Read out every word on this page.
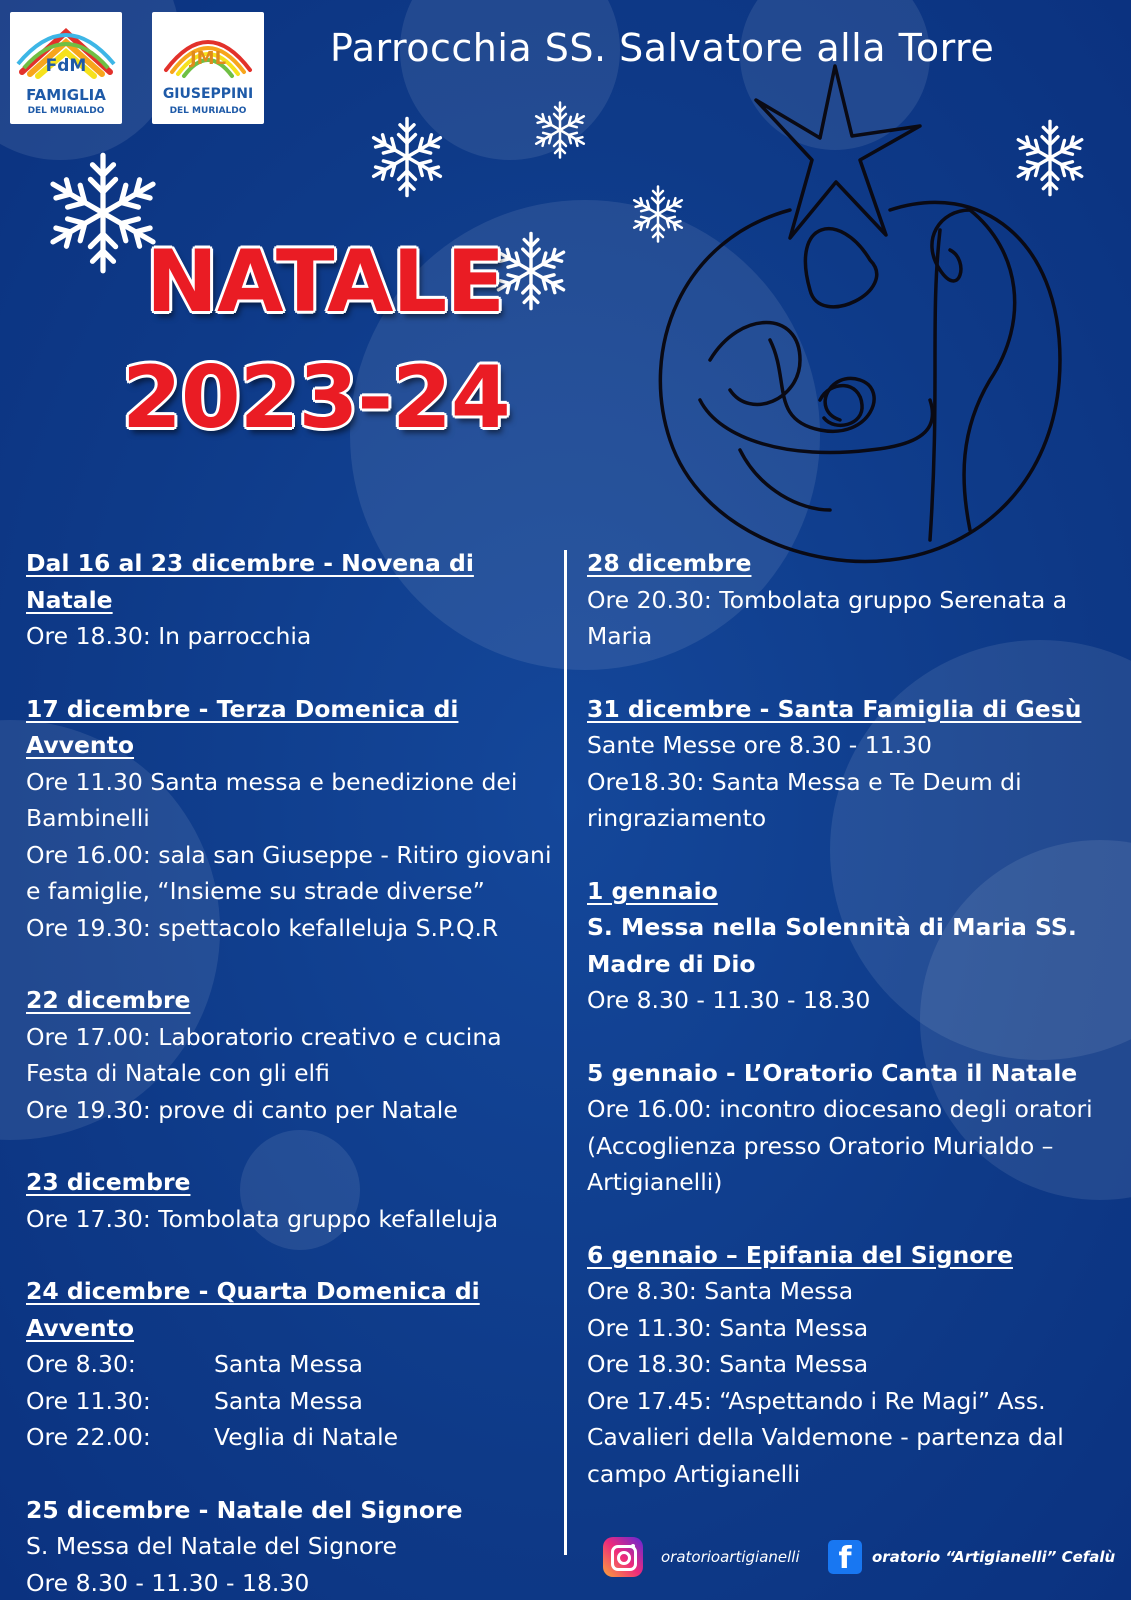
FdM
FAMIGLIA
DEL MURIALDO
JML
GIUSEPPINI
DEL MURIALDO
Parrocchia SS. Salvatore alla Torre
NATALE
2023-24
Dal 16 al 23 dicembre - Novena di Natale
Ore 18.30: In parrocchia
17 dicembre - Terza Domenica di Avvento
Ore 11.30 Santa messa e benedizione dei Bambinelli
Ore 16.00: sala san Giuseppe - Ritiro giovani e famiglie, “Insieme su strade diverse”
Ore 19.30: spettacolo kefalleluja S.P.Q.R
22 dicembre
Ore 17.00: Laboratorio creativo e cucina Festa di Natale con gli elfi
Ore 19.30: prove di canto per Natale
23 dicembre
Ore 17.30: Tombolata gruppo kefalleluja
24 dicembre - Quarta Domenica di Avvento
Ore 8.30:	Santa Messa
Ore 11.30:	Santa Messa
Ore 22.00:	Veglia di Natale
25 dicembre - Natale del Signore
S. Messa del Natale del Signore
Ore 8.30 - 11.30 - 18.30
28 dicembre
Ore 20.30: Tombolata gruppo Serenata a Maria
31 dicembre - Santa Famiglia di Gesù
Sante Messe ore 8.30 - 11.30
Ore18.30: Santa Messa e Te Deum di ringraziamento
1 gennaio
S. Messa nella Solennità di Maria SS. Madre di Dio
Ore 8.30 - 11.30 - 18.30
5 gennaio - L’Oratorio Canta il Natale
Ore 16.00: incontro diocesano degli oratori (Accoglienza presso Oratorio Murialdo – Artigianelli)
6 gennaio – Epifania del Signore
Ore 8.30: Santa Messa
Ore 11.30: Santa Messa
Ore 18.30: Santa Messa
Ore 17.45: “Aspettando i Re Magi” Ass. Cavalieri della Valdemone - partenza dal campo Artigianelli
oratorioartigianelli	f	oratorio “Artigianelli” Cefalù
